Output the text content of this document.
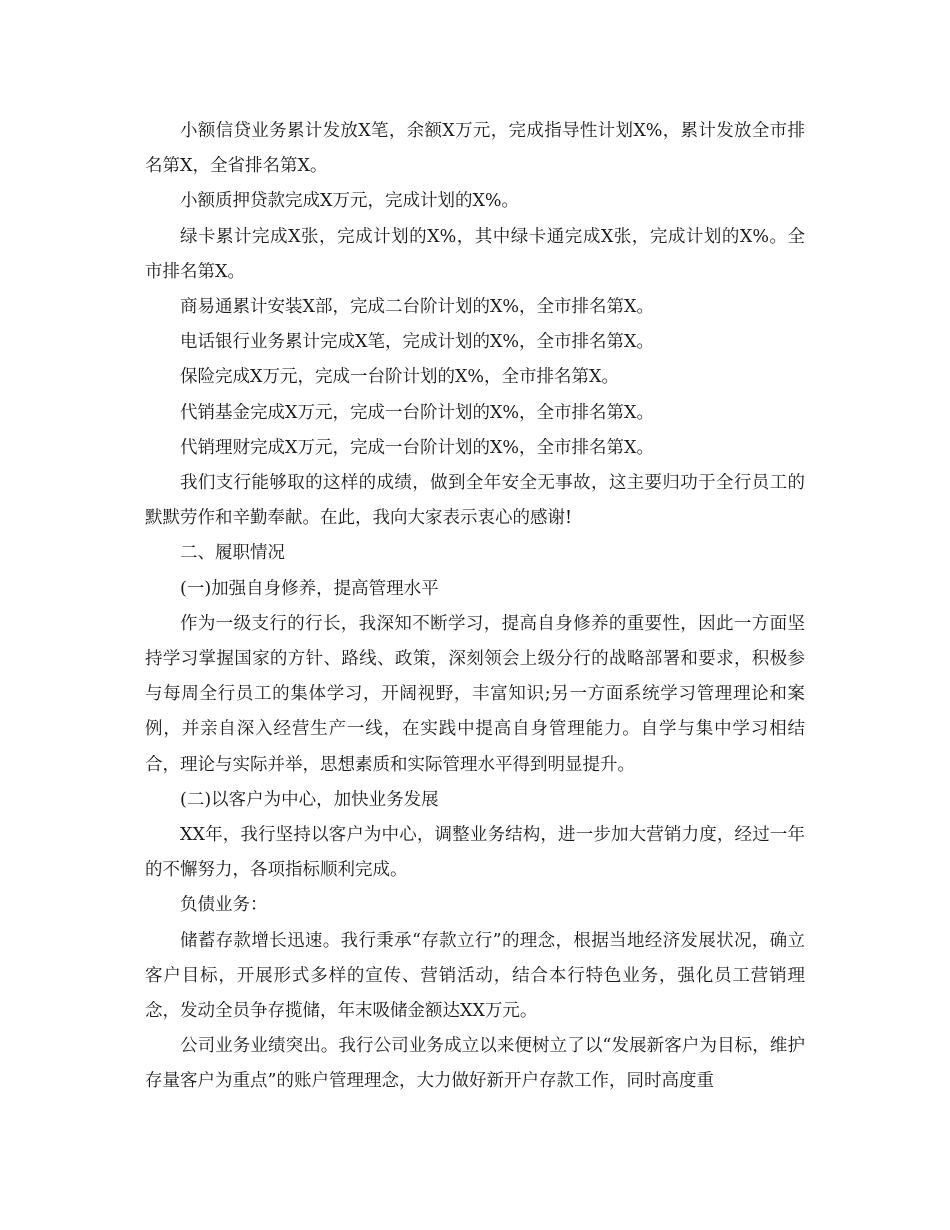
小额信贷业务累计发放X笔，余额X万元，完成指导性计划X%，累计发放全市排名第X，全省排名第X。

小额质押贷款完成X万元，完成计划的X%。

绿卡累计完成X张，完成计划的X%，其中绿卡通完成X张，完成计划的X%。全市排名第X。

商易通累计安装X部，完成二台阶计划的X%，全市排名第X。

电话银行业务累计完成X笔，完成计划的X%，全市排名第X。

保险完成X万元，完成一台阶计划的X%，全市排名第X。

代销基金完成X万元，完成一台阶计划的X%，全市排名第X。

代销理财完成X万元，完成一台阶计划的X%，全市排名第X。

我们支行能够取的这样的成绩，做到全年安全无事故，这主要归功于全行员工的默默劳作和辛勤奉献。在此，我向大家表示衷心的感谢!

二、履职情况

(一)加强自身修养，提高管理水平

作为一级支行的行长，我深知不断学习，提高自身修养的重要性，因此一方面坚持学习掌握国家的方针、路线、政策，深刻领会上级分行的战略部署和要求，积极参与每周全行员工的集体学习，开阔视野，丰富知识;另一方面系统学习管理理论和案例，并亲自深入经营生产一线，在实践中提高自身管理能力。自学与集中学习相结合，理论与实际并举，思想素质和实际管理水平得到明显提升。

(二)以客户为中心，加快业务发展

XX年，我行坚持以客户为中心，调整业务结构，进一步加大营销力度，经过一年的不懈努力，各项指标顺利完成。

负债业务：

储蓄存款增长迅速。我行秉承“存款立行”的理念，根据当地经济发展状况，确立客户目标，开展形式多样的宣传、营销活动，结合本行特色业务，强化员工营销理念，发动全员争存揽储，年末吸储金额达XX万元。

公司业务业绩突出。我行公司业务成立以来便树立了以“发展新客户为目标，维护存量客户为重点”的账户管理理念，大力做好新开户存款工作，同时高度重
